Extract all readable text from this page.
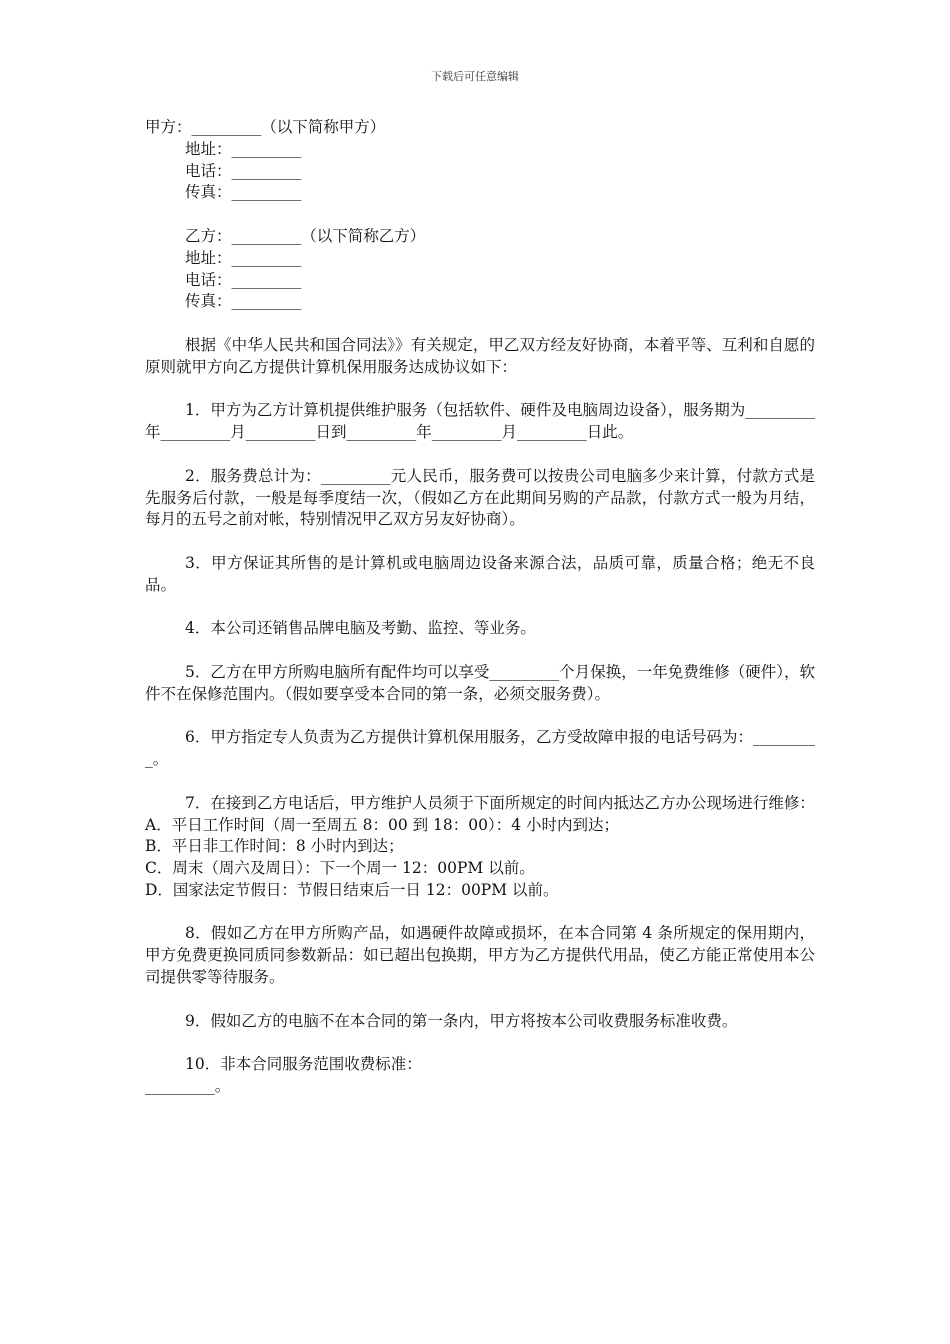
下载后可任意编辑
甲方：_________（以下简称甲方）
地址：_________
电话：_________
传真：_________
乙方：_________（以下简称乙方）
地址：_________
电话：_________
传真：_________

根据《中华人民共和国合同法》》有关规定，甲乙双方经友好协商，本着平等、互利和自愿的原则就甲方向乙方提供计算机保用服务达成协议如下：

1．甲方为乙方计算机提供维护服务（包括软件、硬件及电脑周边设备），服务期为_________年_________月_________日到_________年_________月_________日此。

2．服务费总计为：_________元人民币，服务费可以按贵公司电脑多少来计算，付款方式是先服务后付款，一般是每季度结一次，（假如乙方在此期间另购的产品款，付款方式一般为月结，每月的五号之前对帐，特别情况甲乙双方另友好协商）。

3．甲方保证其所售的是计算机或电脑周边设备来源合法，品质可靠，质量合格；绝无不良品。

4．本公司还销售品牌电脑及考勤、监控、等业务。

5．乙方在甲方所购电脑所有配件均可以享受_________个月保换，一年免费维修（硬件），软件不在保修范围内。（假如要享受本合同的第一条，必须交服务费）。

6．甲方指定专人负责为乙方提供计算机保用服务，乙方受故障申报的电话号码为：_________。

7．在接到乙方电话后，甲方维护人员须于下面所规定的时间内抵达乙方办公现场进行维修：

A．平日工作时间（周一至周五 8：00 到 18：00）：4 小时内到达；
B．平日非工作时间：8 小时内到达；
C．周末（周六及周日）：下一个周一 12：00PM 以前。
D．国家法定节假日：节假日结束后一日 12：00PM 以前。

8．假如乙方在甲方所购产品，如遇硬件故障或损坏，在本合同第 4 条所规定的保用期内，甲方免费更换同质同参数新品：如已超出包换期，甲方为乙方提供代用品，使乙方能正常使用本公司提供零等待服务。

9．假如乙方的电脑不在本合同的第一条内，甲方将按本公司收费服务标准收费。

10．非本合同服务范围收费标准：

_________。
